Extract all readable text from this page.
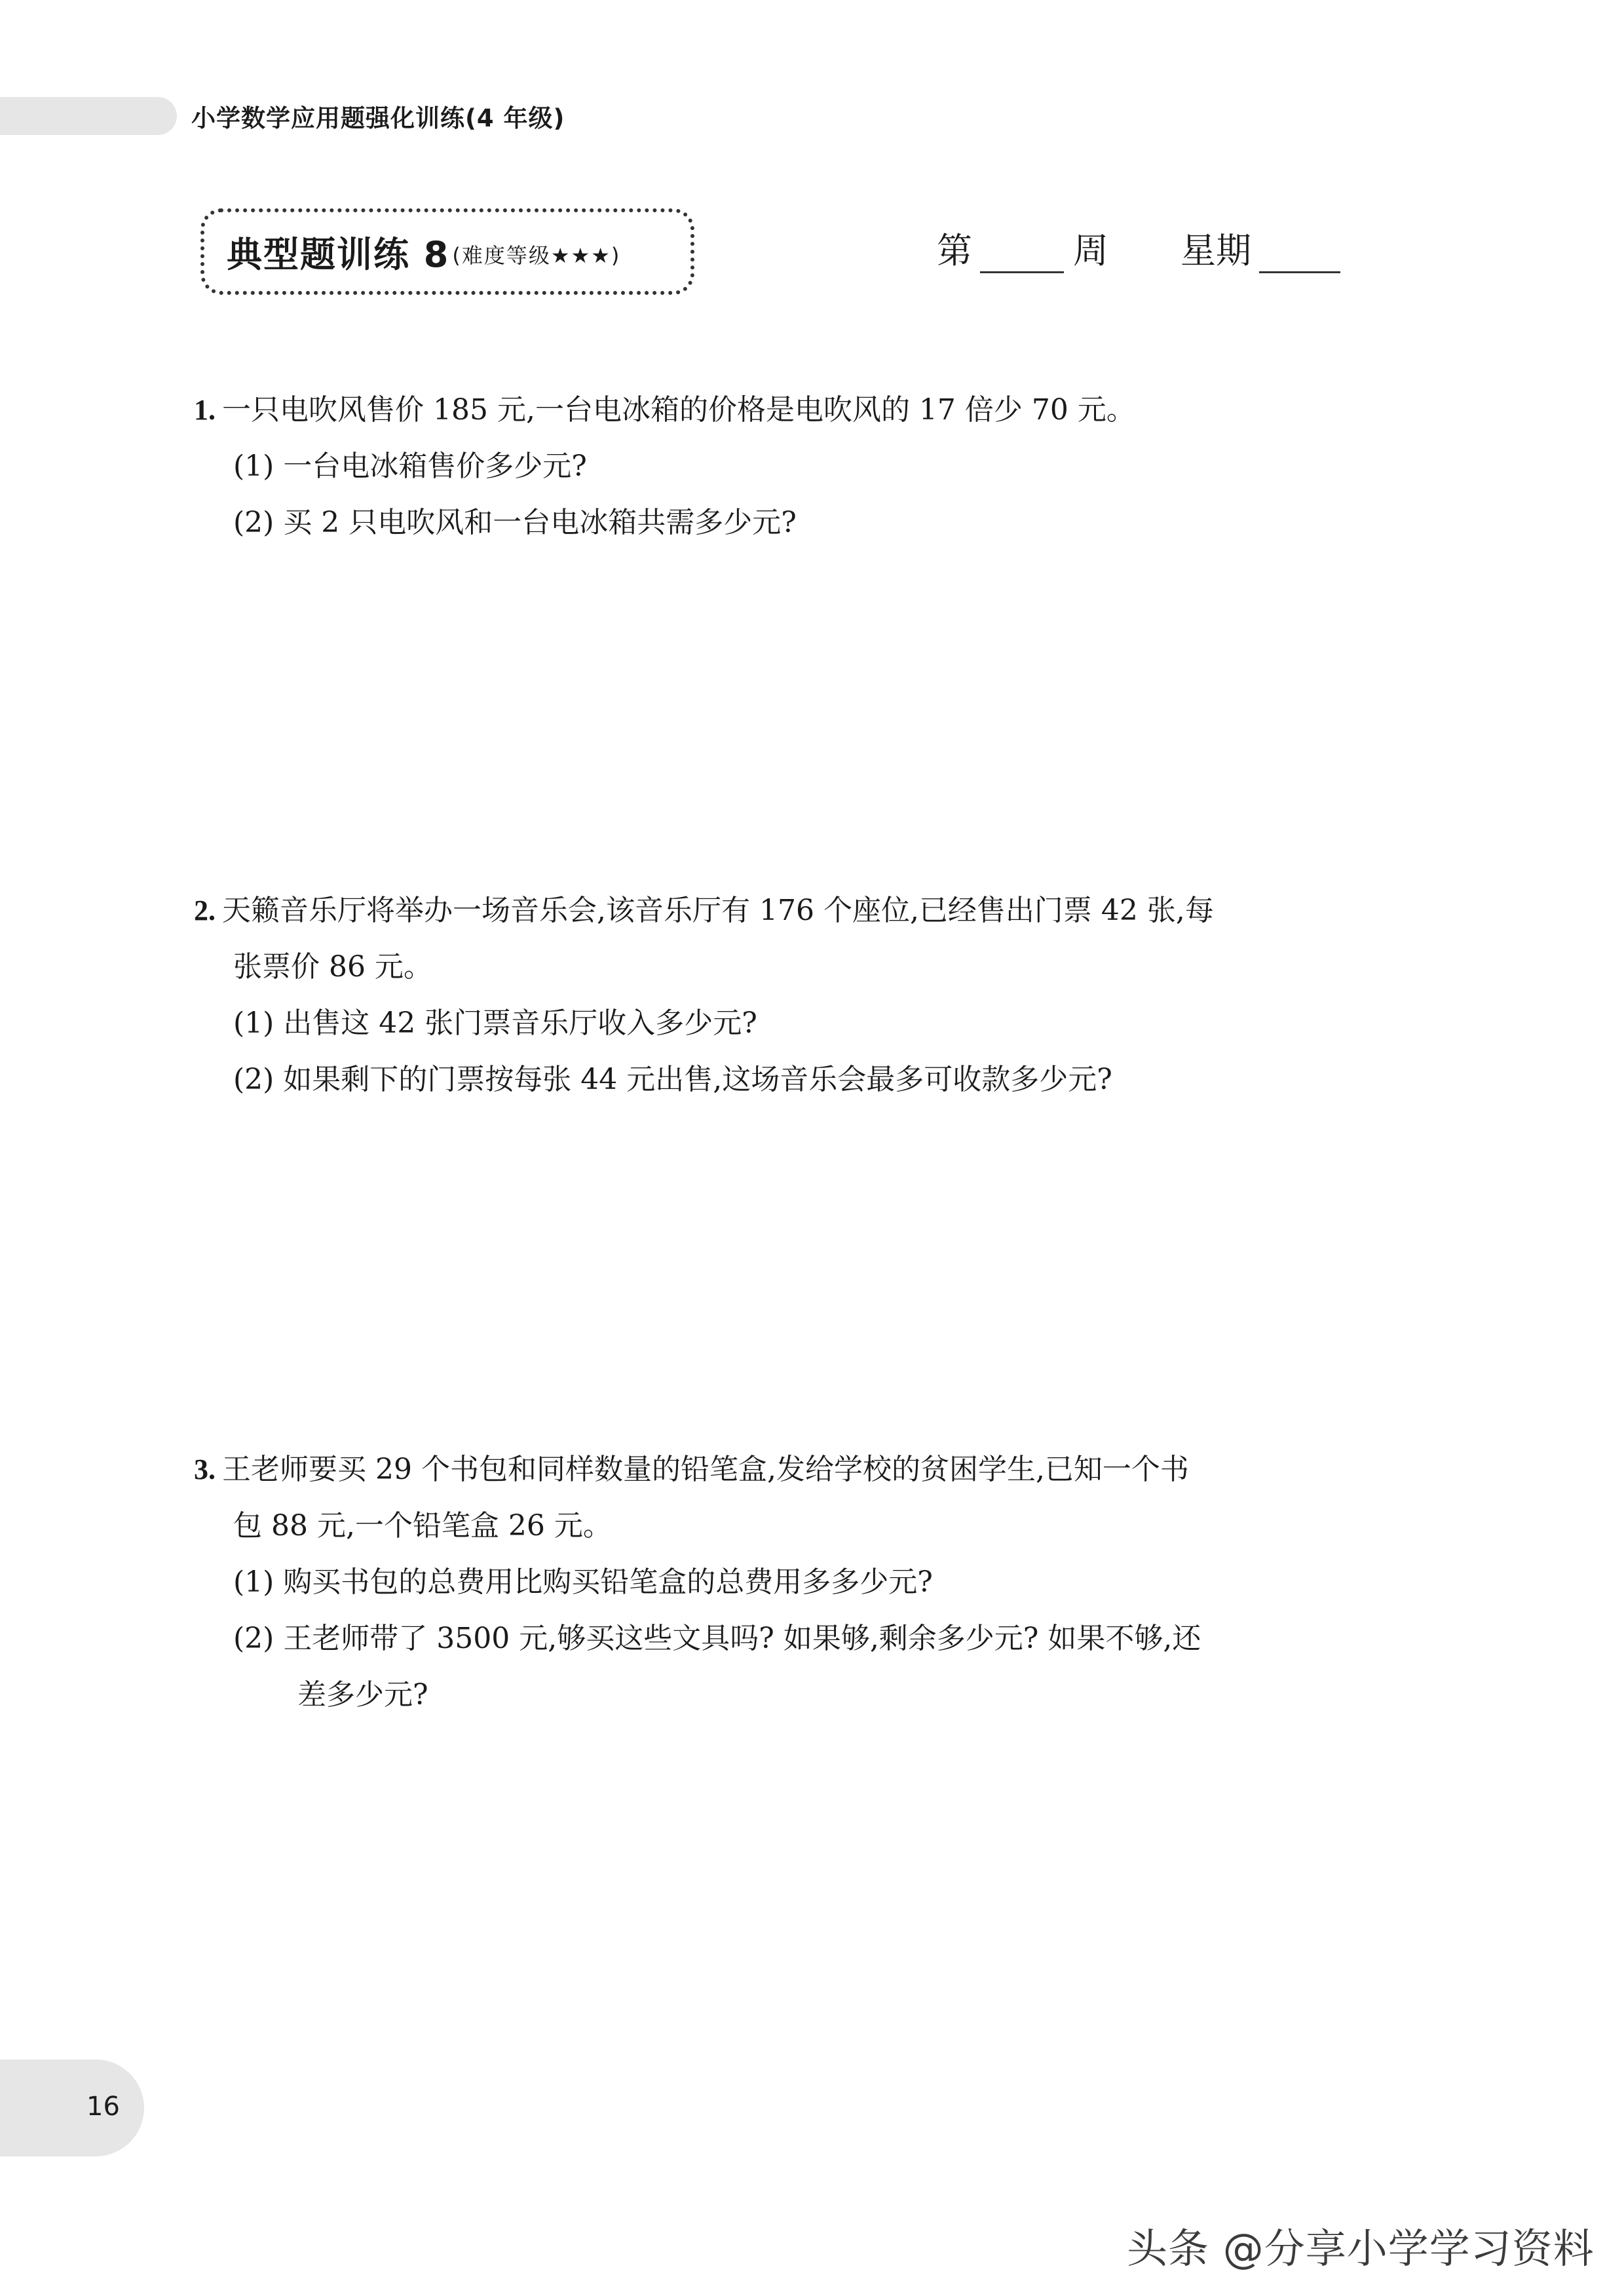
小学数学应用题强化训练(4 年级)
典型题训练 8 (难度等级★★★)	第	周 星期
1. 一只电吹风售价 185 元,一台电冰箱的价格是电吹风的 17 倍少 70 元。
(1) 一台电冰箱售价多少元?
(2) 买 2 只电吹风和一台电冰箱共需多少元?
2. 天籁音乐厅将举办一场音乐会,该音乐厅有 176 个座位,已经售出门票 42 张,每
张票价 86 元。
(1) 出售这 42 张门票音乐厅收入多少元?
(2) 如果剩下的门票按每张 44 元出售,这场音乐会最多可收款多少元?
3. 王老师要买 29 个书包和同样数量的铅笔盒,发给学校的贫困学生,已知一个书
包 88 元,一个铅笔盒 26 元。
(1) 购买书包的总费用比购买铅笔盒的总费用多多少元?
(2) 王老师带了 3500 元,够买这些文具吗? 如果够,剩余多少元? 如果不够,还
差多少元?
16
头条 @分享小学学习资料
